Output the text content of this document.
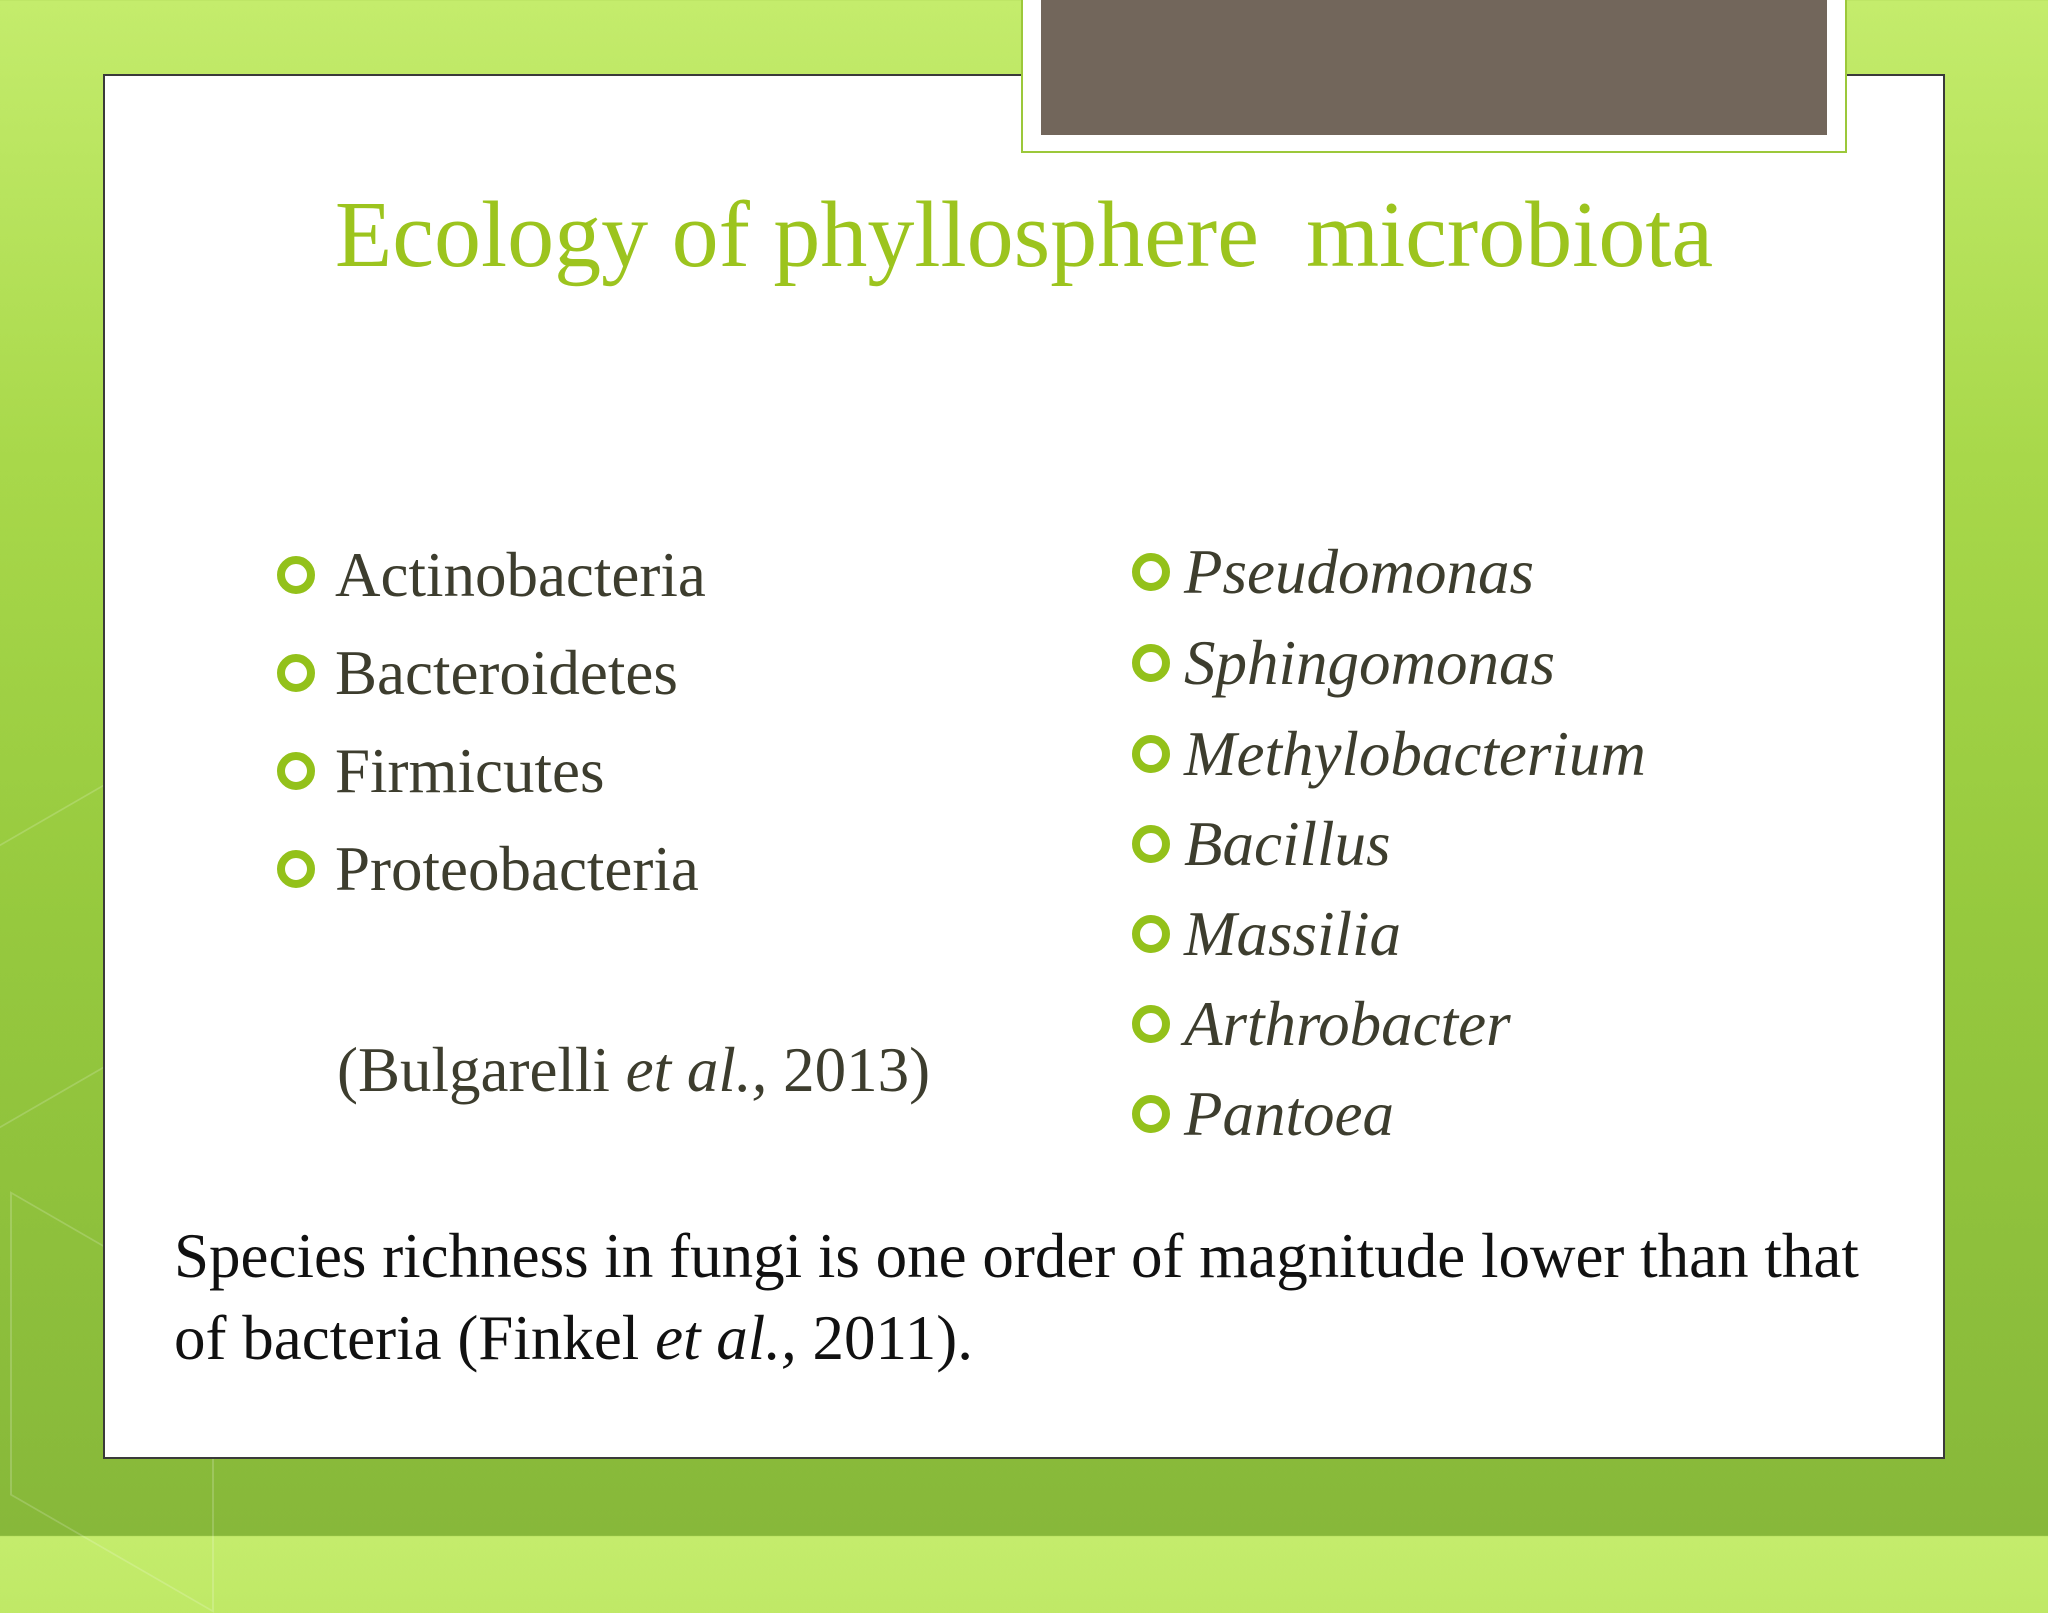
Ecology of phyllosphere  microbiota
Actinobacteria
Bacteroidetes
Firmicutes
Proteobacteria
(Bulgarelli et al., 2013)
Pseudomonas
Sphingomonas
Methylobacterium
Bacillus
Massilia
Arthrobacter
Pantoea
Species richness in fungi is one order of magnitude lower than that of bacteria (Finkel et al., 2011).
